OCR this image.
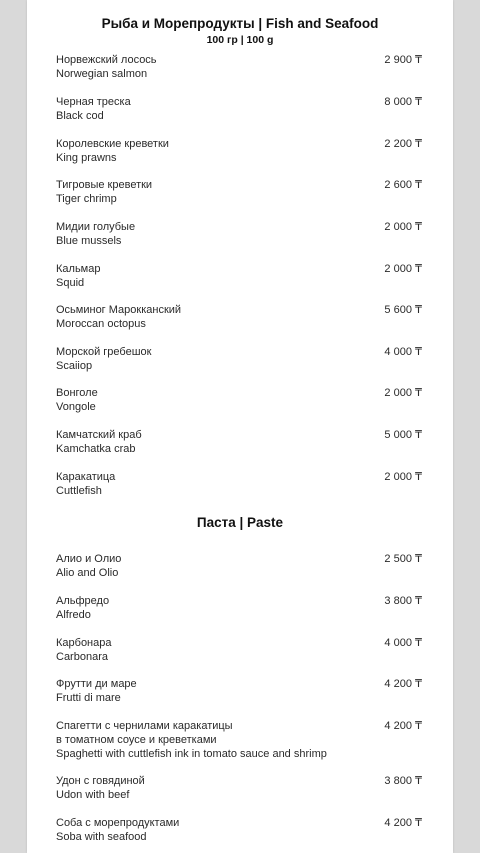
Рыба и Морепродукты | Fish and Seafood
100 гр | 100 g
Норвежский лосось
Norwegian salmon
2 900 ₸
Черная треска
Black cod
8 000 ₸
Королевские креветки
King prawns
2 200 ₸
Тигровые креветки
Tiger chrimp
2 600 ₸
Мидии голубые
Blue mussels
2 000 ₸
Кальмар
Squid
2 000 ₸
Осьминог Марокканский
Moroccan octopus
5 600 ₸
Морской гребешок
Scaiiop
4 000 ₸
Вонголе
Vongole
2 000 ₸
Камчатский краб
Kamchatka crab
5 000 ₸
Каракатица
Cuttlefish
2 000 ₸
Паста | Paste
Алио и Олио
Alio and Olio
2 500 ₸
Альфредо
Alfredo
3 800 ₸
Карбонара
Carbonara
4 000 ₸
Фрутти ди маре
Frutti di mare
4 200 ₸
Спагетти с чернилами каракатицы
в томатном соусе и креветками
Spaghetti with cuttlefish ink in tomato sauce and shrimp
4 200 ₸
Удон с говядиной
Udon with beef
3 800 ₸
Соба с морепродуктами
Soba with seafood
4 200 ₸
